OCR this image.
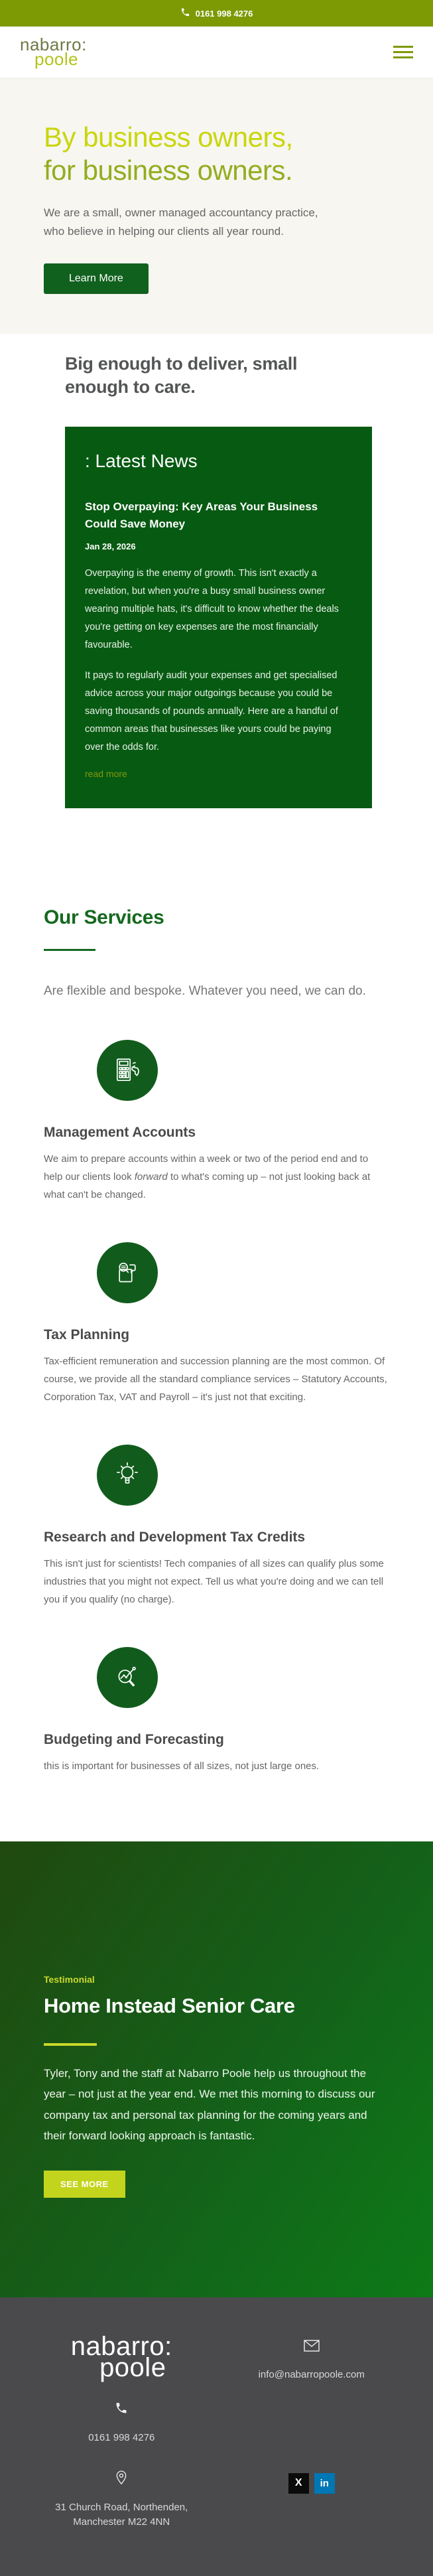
0161 998 4276
nabarro:
poole
By business owners,
for business owners.

We are a small, owner managed accountancy practice, who believe in helping our clients all year round.

Learn More
Big enough to deliver, small enough to care.
: Latest News
Stop Overpaying: Key Areas Your Business Could Save Money
Jan 28, 2026

Overpaying is the enemy of growth. This isn't exactly a revelation, but when you're a busy small business owner wearing multiple hats, it's difficult to know whether the deals you're getting on key expenses are the most financially favourable.

It pays to regularly audit your expenses and get specialised advice across your major outgoings because you could be saving thousands of pounds annually. Here are a handful of common areas that businesses like yours could be paying over the odds for.

read more
Our Services

Are flexible and bespoke. Whatever you need, we can do.

Management Accounts

We aim to prepare accounts within a week or two of the period end and to help our clients look forward to what's coming up – not just looking back at what can't be changed.

Tax Planning

Tax-efficient remuneration and succession planning are the most common. Of course, we provide all the standard compliance services – Statutory Accounts, Corporation Tax, VAT and Payroll – it's just not that exciting.

Research and Development Tax Credits

This isn't just for scientists! Tech companies of all sizes can qualify plus some industries that you might not expect. Tell us what you're doing and we can tell you if you qualify (no charge).

Budgeting and Forecasting

this is important for businesses of all sizes, not just large ones.

Testimonial
Home Instead Senior Care

Tyler, Tony and the staff at Nabarro Poole help us throughout the year – not just at the year end. We met this morning to discuss our company tax and personal tax planning for the coming years and their forward looking approach is fantastic.

SEE MORE
nabarro: poole
0161 998 4276
31 Church Road, Northenden,
Manchester M22 4NN
info@nabarropoole.com
X	in
